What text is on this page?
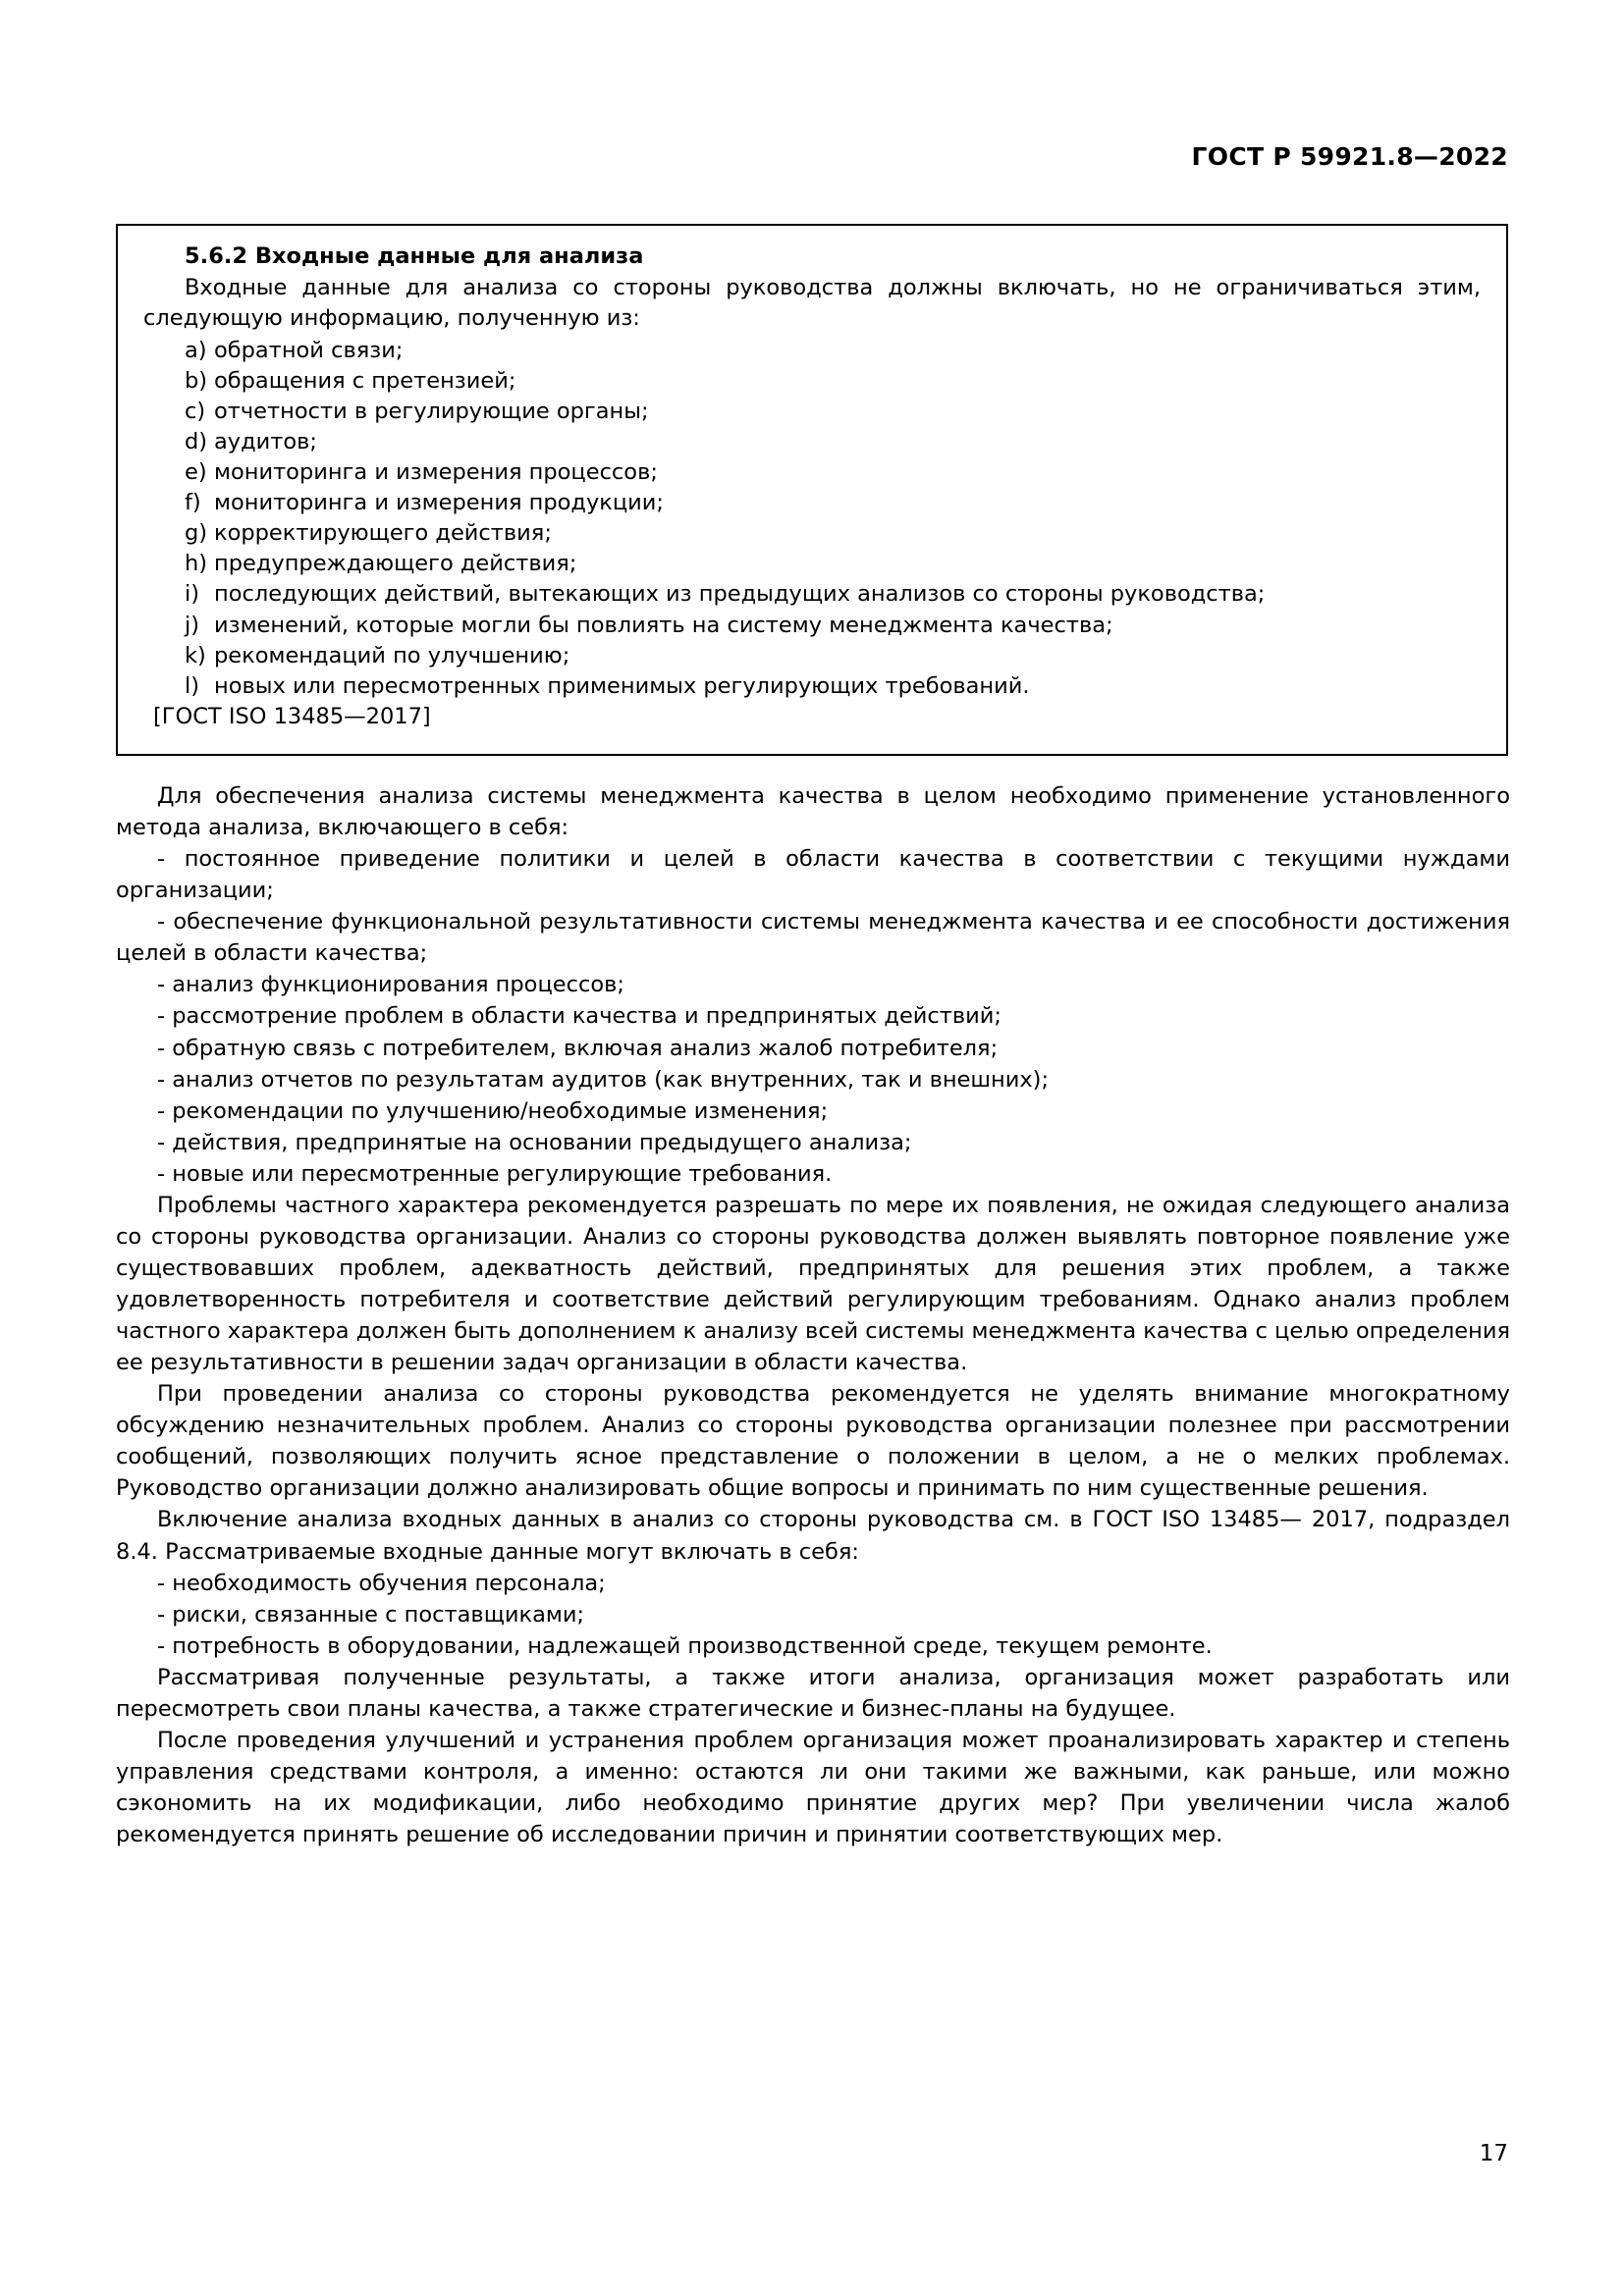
ГОСТ Р 59921.8—2022
5.6.2 Входные данные для анализа
Входные данные для анализа со стороны руководства должны включать, но не ограничиваться этим, следующую информацию, полученную из:
a) обратной связи;
b) обращения с претензией;
c) отчетности в регулирующие органы;
d) аудитов;
e) мониторинга и измерения процессов;
f) мониторинга и измерения продукции;
g) корректирующего действия;
h) предупреждающего действия;
i) последующих действий, вытекающих из предыдущих анализов со стороны руководства;
j) изменений, которые могли бы повлиять на систему менеджмента качества;
k) рекомендаций по улучшению;
l) новых или пересмотренных применимых регулирующих требований.
[ГОСТ ISO 13485—2017]

Для обеспечения анализа системы менеджмента качества в целом необходимо применение установленного метода анализа, включающего в себя:

- постоянное приведение политики и целей в области качества в соответствии с текущими нуждами организации;

- обеспечение функциональной результативности системы менеджмента качества и ее способности достижения целей в области качества;

- анализ функционирования процессов;

- рассмотрение проблем в области качества и предпринятых действий;

- обратную связь с потребителем, включая анализ жалоб потребителя;

- анализ отчетов по результатам аудитов (как внутренних, так и внешних);

- рекомендации по улучшению/необходимые изменения;

- действия, предпринятые на основании предыдущего анализа;

- новые или пересмотренные регулирующие требования.

Проблемы частного характера рекомендуется разрешать по мере их появления, не ожидая следующего анализа со стороны руководства организации. Анализ со стороны руководства должен выявлять повторное появление уже существовавших проблем, адекватность действий, предпринятых для решения этих проблем, а также удовлетворенность потребителя и соответствие действий регулирующим требованиям. Однако анализ проблем частного характера должен быть дополнением к анализу всей системы менеджмента качества с целью определения ее результативности в решении задач организации в области качества.

При проведении анализа со стороны руководства рекомендуется не уделять внимание многократному обсуждению незначительных проблем. Анализ со стороны руководства организации полезнее при рассмотрении сообщений, позволяющих получить ясное представление о положении в целом, а не о мелких проблемах. Руководство организации должно анализировать общие вопросы и принимать по ним существенные решения.

Включение анализа входных данных в анализ со стороны руководства см. в ГОСТ ISO 13485— 2017, подраздел 8.4. Рассматриваемые входные данные могут включать в себя:

- необходимость обучения персонала;

- риски, связанные с поставщиками;

- потребность в оборудовании, надлежащей производственной среде, текущем ремонте.

Рассматривая полученные результаты, а также итоги анализа, организация может разработать или пересмотреть свои планы качества, а также стратегические и бизнес-планы на будущее.

После проведения улучшений и устранения проблем организация может проанализировать характер и степень управления средствами контроля, а именно: остаются ли они такими же важными, как раньше, или можно сэкономить на их модификации, либо необходимо принятие других мер? При увеличении числа жалоб рекомендуется принять решение об исследовании причин и принятии соответствующих мер.

17
